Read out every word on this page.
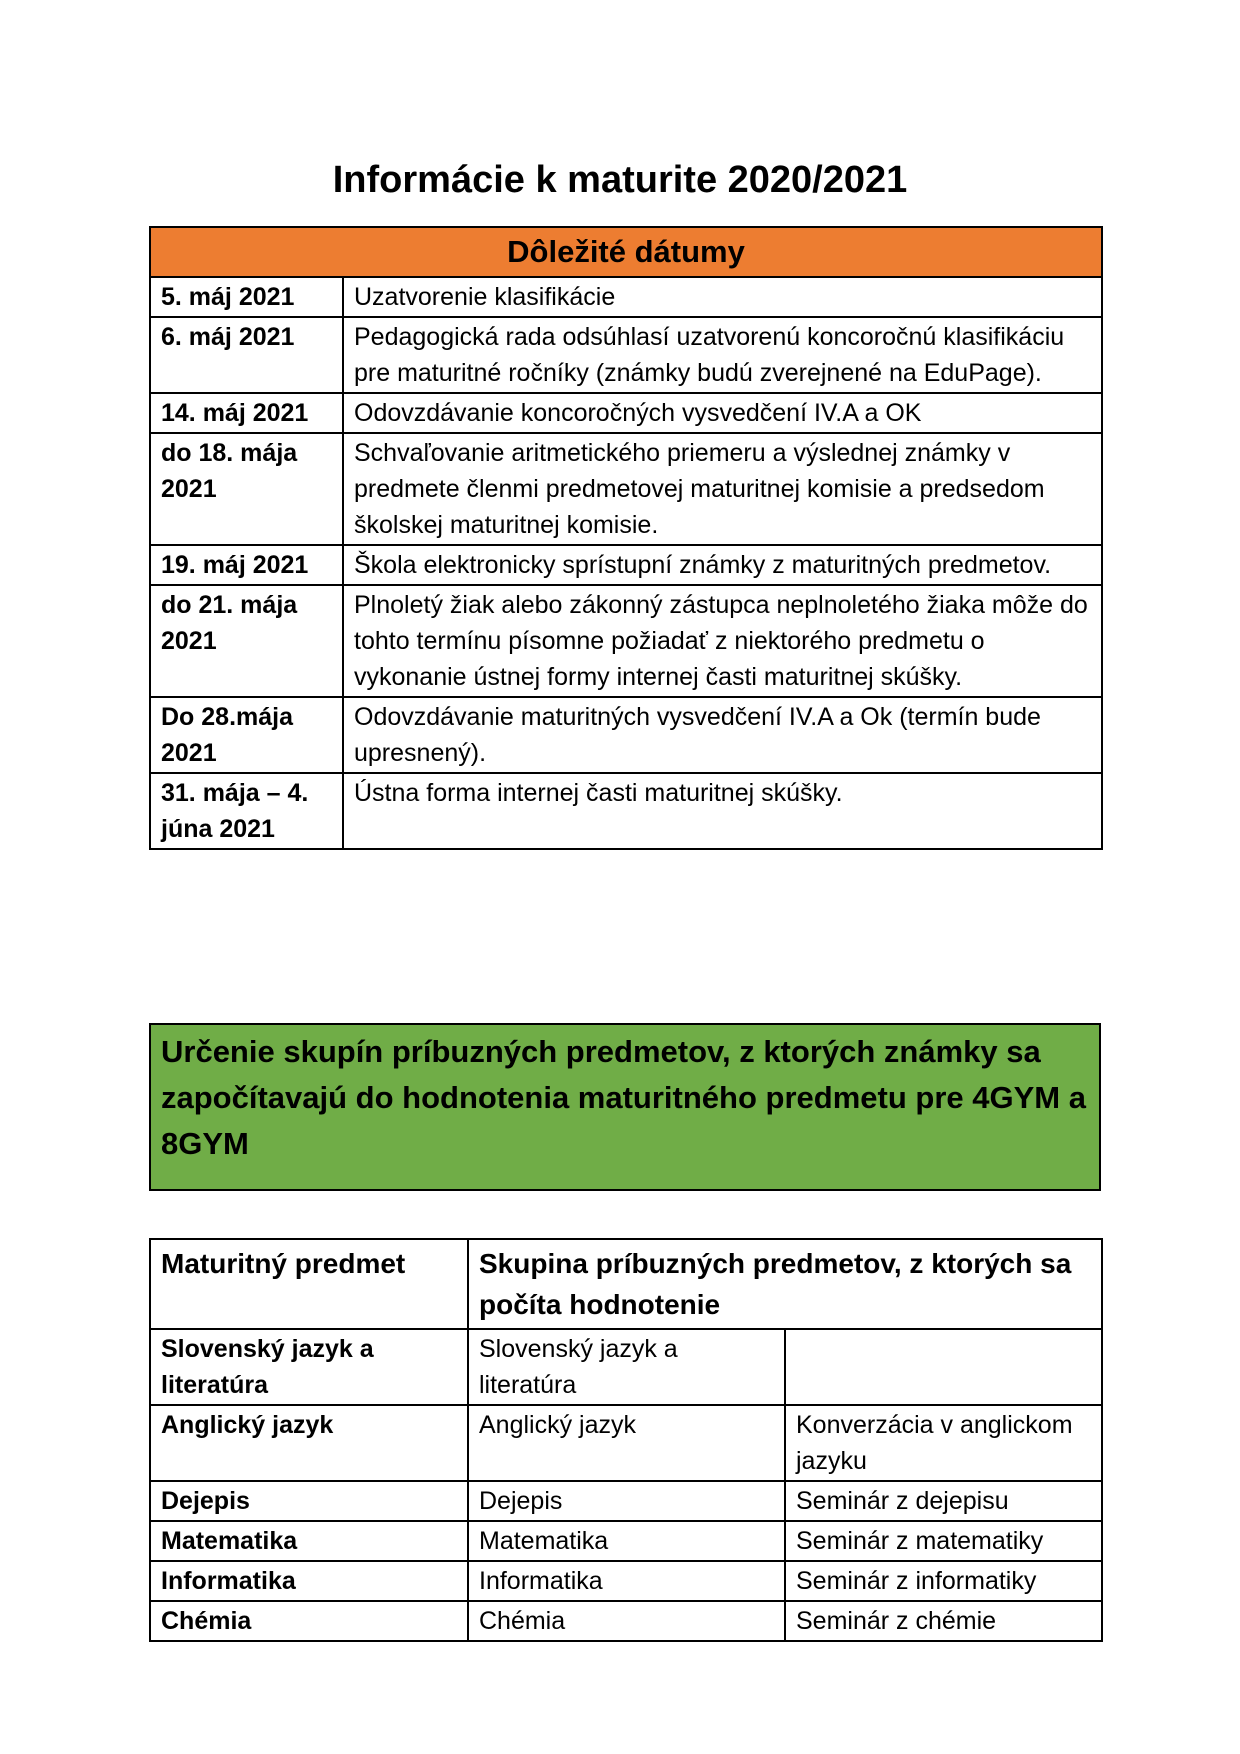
Informácie k maturite 2020/2021
Dôležité dátumy	
5. máj 2021	Uzatvorenie klasifikácie
6. máj 2021	Pedagogická rada odsúhlasí uzatvorenú koncoročnú klasifikáciu pre maturitné ročníky (známky budú zverejnené na EduPage).
14. máj 2021	Odovzdávanie koncoročných vysvedčení IV.A a OK
do 18. mája 2021	Schvaľovanie aritmetického priemeru a výslednej známky v predmete členmi predmetovej maturitnej komisie a predsedom školskej maturitnej komisie.
19. máj 2021	Škola elektronicky sprístupní známky z maturitných predmetov.
do 21. mája 2021	Plnoletý žiak alebo zákonný zástupca neplnoletého žiaka môže do tohto termínu písomne požiadať z niektorého predmetu o vykonanie ústnej formy internej časti maturitnej skúšky.
Do 28.mája 2021	Odovzdávanie maturitných vysvedčení IV.A a Ok (termín bude upresnený).
31. mája – 4. júna 2021	Ústna forma internej časti maturitnej skúšky.
Určenie skupín príbuzných predmetov, z ktorých známky sa započítavajú do hodnotenia maturitného predmetu pre 4GYM a 8GYM
Maturitný predmet	Skupina príbuzných predmetov, z ktorých sa počíta hodnotenie	
Slovenský jazyk a literatúra	Slovenský jazyk a literatúra	
Anglický jazyk	Anglický jazyk	Konverzácia v anglickom jazyku
Dejepis	Dejepis	Seminár z dejepisu
Matematika	Matematika	Seminár z matematiky
Informatika	Informatika	Seminár z informatiky
Chémia	Chémia	Seminár z chémie
